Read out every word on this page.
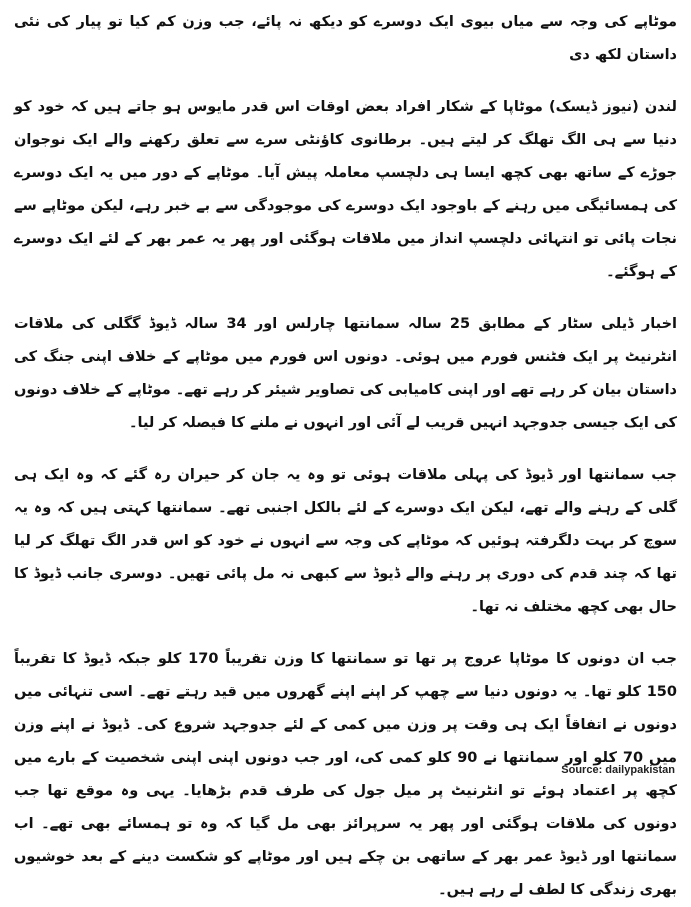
موٹاپے کی وجہ سے میاں بیوی ایک دوسرے کو دیکھ نہ پائے، جب وزن کم کیا تو پیار کی نئی داستان لکھ دی

لندن (نیوز ڈیسک) موٹاپا کے شکار افراد بعض اوقات اس قدر مایوس ہو جاتے ہیں کہ خود کو دنیا سے ہی الگ تھلگ کر لیتے ہیں۔ برطانوی کاؤنٹی سرے سے تعلق رکھنے والے ایک نوجوان جوڑے کے ساتھ بھی کچھ ایسا ہی دلچسپ معاملہ پیش آیا۔ موٹاپے کے دور میں یہ ایک دوسرے کی ہمسائیگی میں رہنے کے باوجود ایک دوسرے کی موجودگی سے بے خبر رہے، لیکن موٹاپے سے نجات پائی تو انتہائی دلچسپ انداز میں ملاقات ہوگئی اور پھر یہ عمر بھر کے لئے ایک دوسرے کے ہوگئے۔

اخبار ڈیلی سٹار کے مطابق 25 سالہ سمانتھا چارلس اور 34 سالہ ڈیوڈ گگلی کی ملاقات انٹرنیٹ پر ایک فٹنس فورم میں ہوئی۔ دونوں اس فورم میں موٹاپے کے خلاف اپنی جنگ کی داستان بیان کر رہے تھے اور اپنی کامیابی کی تصاویر شیئر کر رہے تھے۔ موٹاپے کے خلاف دونوں کی ایک جیسی جدوجہد انہیں قریب لے آئی اور انہوں نے ملنے کا فیصلہ کر لیا۔

جب سمانتھا اور ڈیوڈ کی پہلی ملاقات ہوئی تو وہ یہ جان کر حیران رہ گئے کہ وہ ایک ہی گلی کے رہنے والے تھے، لیکن ایک دوسرے کے لئے بالکل اجنبی تھے۔ سمانتھا کہتی ہیں کہ وہ یہ سوچ کر بہت دلگرفتہ ہوئیں کہ موٹاپے کی وجہ سے انہوں نے خود کو اس قدر الگ تھلگ کر لیا تھا کہ چند قدم کی دوری پر رہنے والے ڈیوڈ سے کبھی نہ مل پائی تھیں۔ دوسری جانب ڈیوڈ کا حال بھی کچھ مختلف نہ تھا۔

جب ان دونوں کا موٹاپا عروج پر تھا تو سمانتھا کا وزن تقریباً 170 کلو جبکہ ڈیوڈ کا تقریباً 150 کلو تھا۔ یہ دونوں دنیا سے چھپ کر اپنے اپنے گھروں میں قید رہتے تھے۔ اسی تنہائی میں دونوں نے اتفاقاً ایک ہی وقت پر وزن میں کمی کے لئے جدوجہد شروع کی۔ ڈیوڈ نے اپنے وزن میں 70 کلو اور سمانتھا نے 90 کلو کمی کی، اور جب دونوں اپنی اپنی شخصیت کے بارے میں کچھ پر اعتماد ہوئے تو انٹرنیٹ پر میل جول کی طرف قدم بڑھایا۔ یہی وہ موقع تھا جب دونوں کی ملاقات ہوگئی اور پھر یہ سرپرائز بھی مل گیا کہ وہ تو ہمسائے بھی تھے۔ اب سمانتھا اور ڈیوڈ عمر بھر کے ساتھی بن چکے ہیں اور موٹاپے کو شکست دینے کے بعد خوشیوں بھری زندگی کا لطف لے رہے ہیں۔

Source: dailypakistan
